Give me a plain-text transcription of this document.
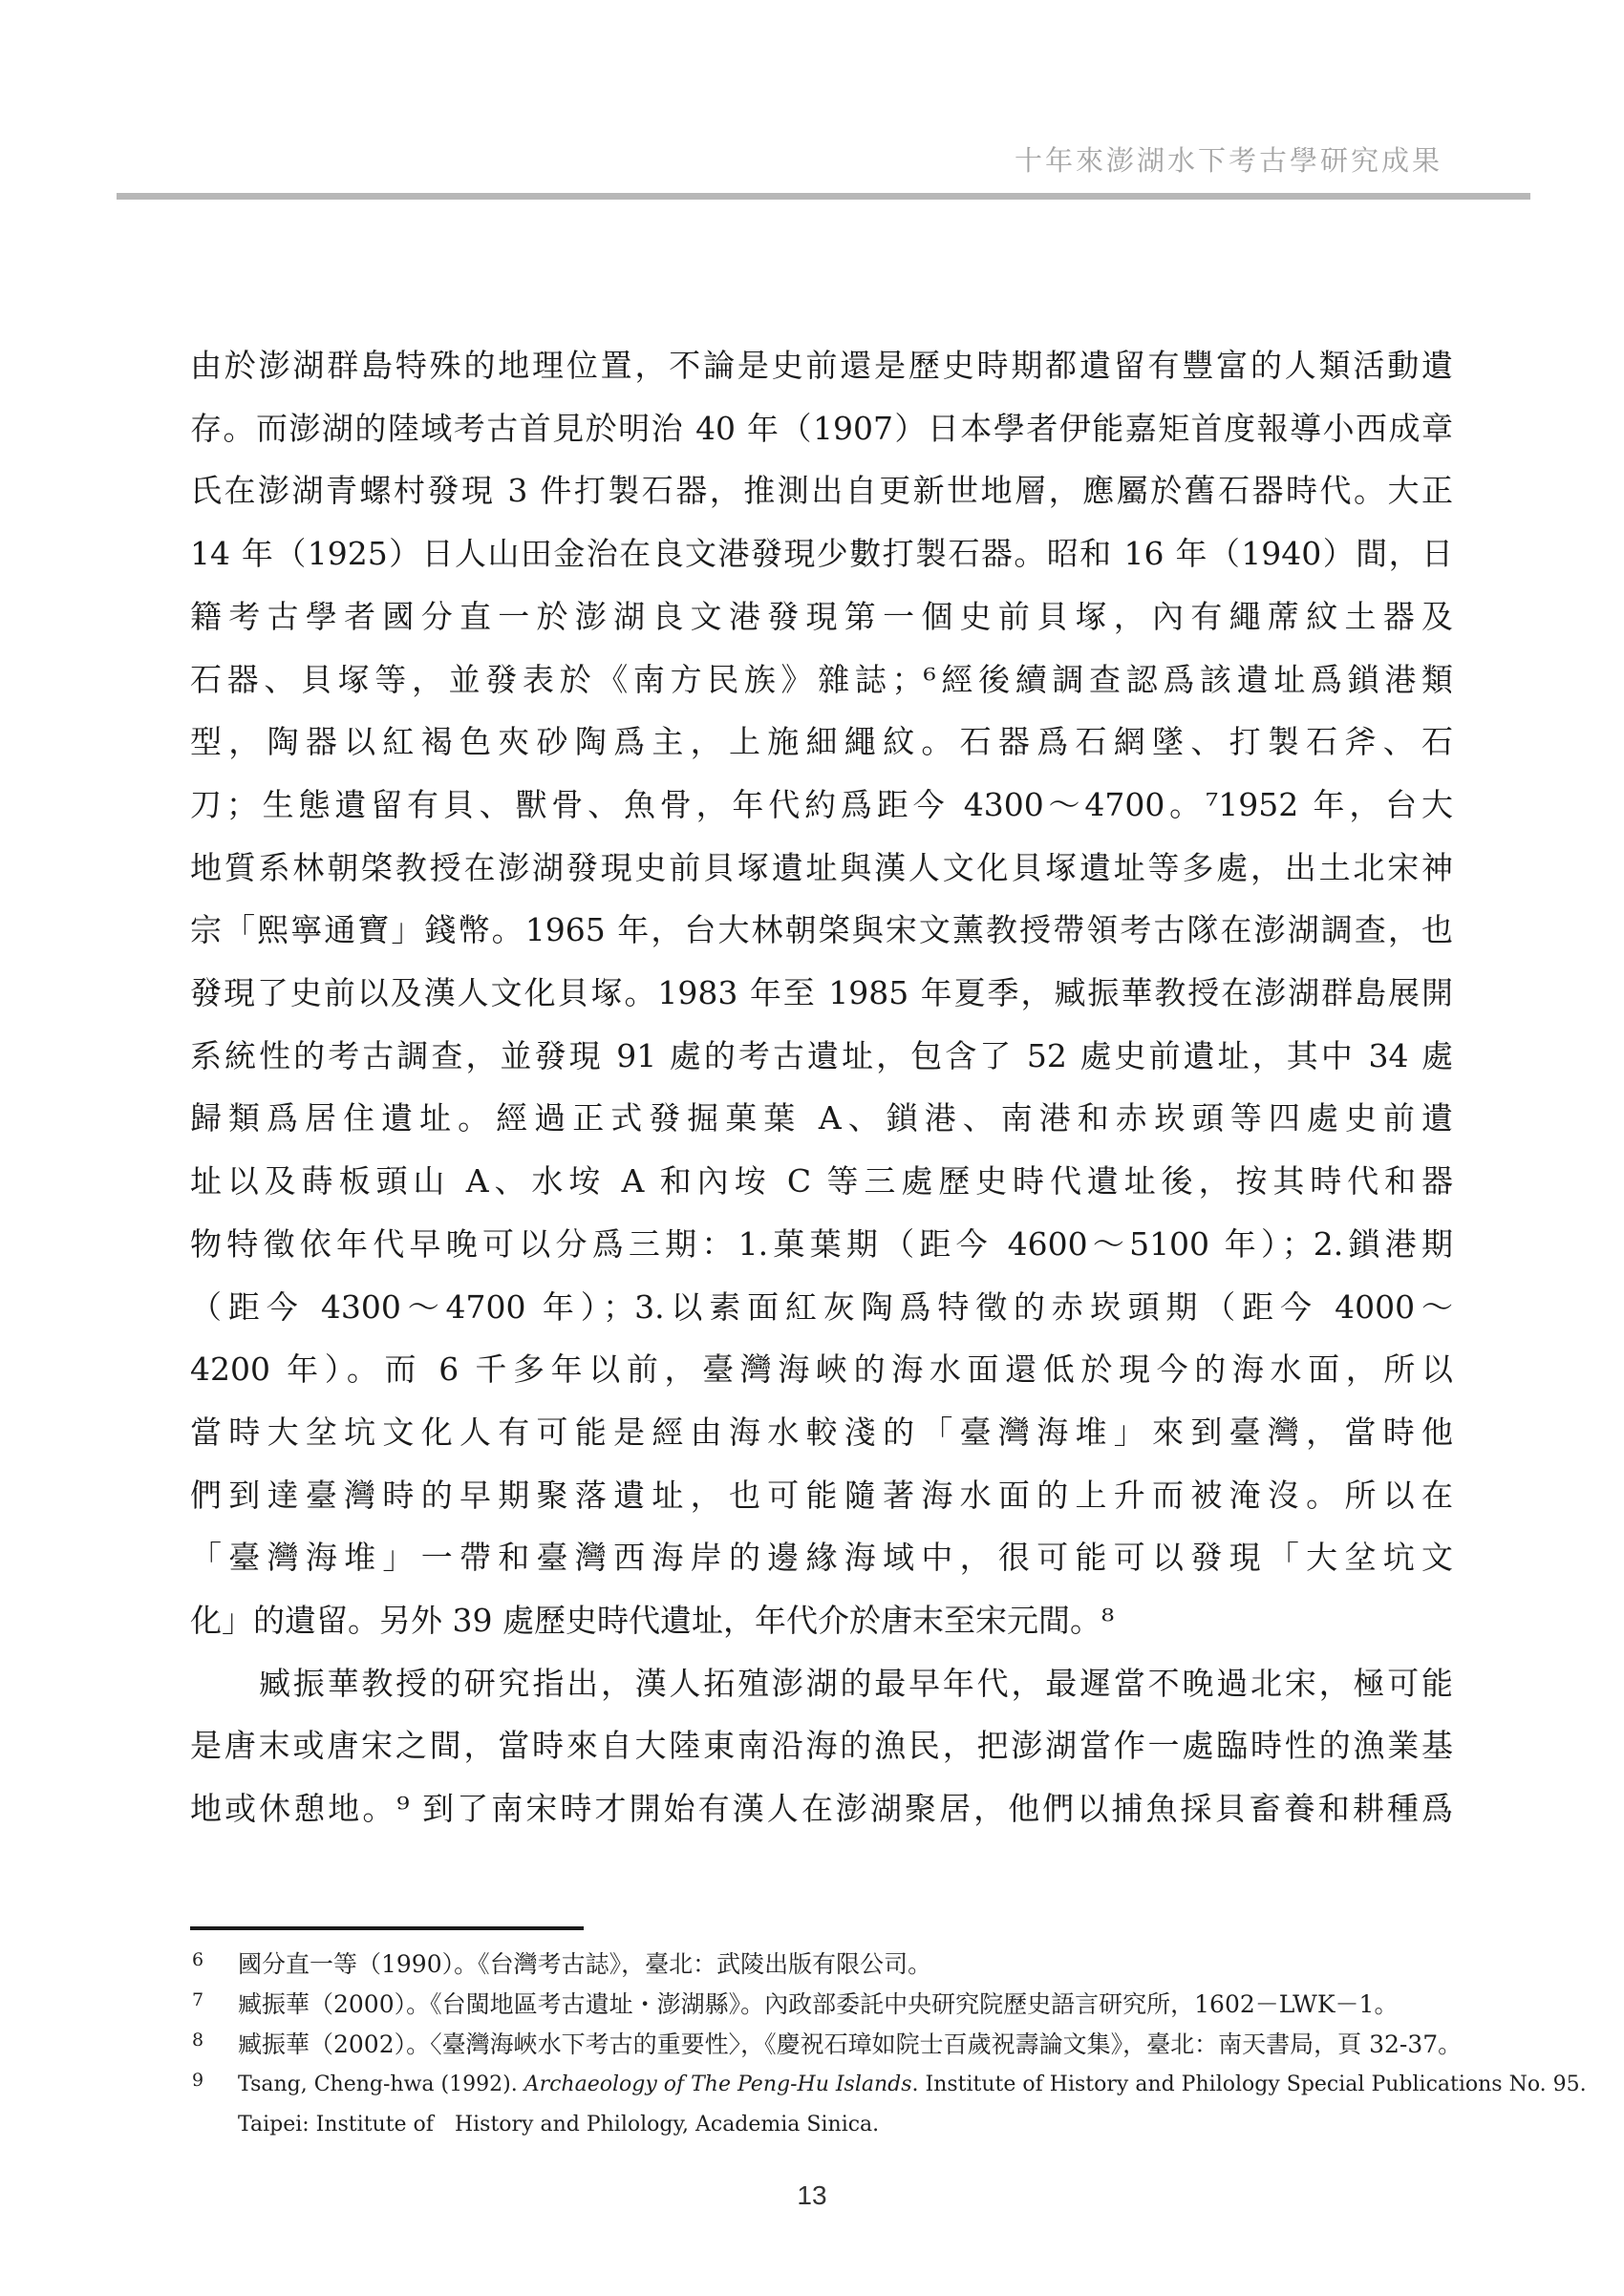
十年來澎湖水下考古學研究成果
由於澎湖群島特殊的地理位置，不論是史前還是歷史時期都遺留有豐富的人類活動遺
存。而澎湖的陸域考古首見於明治 40 年（1907）日本學者伊能嘉矩首度報導小西成章
氏在澎湖青螺村發現 3 件打製石器，推測出自更新世地層，應屬於舊石器時代。大正
14 年（1925）日人山田金治在良文港發現少數打製石器。昭和 16 年（1940）間，日
籍考古學者國分直一於澎湖良文港發現第一個史前貝塚，內有繩蓆紋土器及
石器、貝塚等，並發表於《南方民族》雜誌；⁶經後續調查認爲該遺址爲鎖港類
型，陶器以紅褐色夾砂陶爲主，上施細繩紋。石器爲石網墜、打製石斧、石
刀；生態遺留有貝、獸骨、魚骨，年代約爲距今 4300～4700。⁷1952 年，台大
地質系林朝棨教授在澎湖發現史前貝塚遺址與漢人文化貝塚遺址等多處，出土北宋神
宗「熙寧通寶」錢幣。1965 年，台大林朝棨與宋文薰教授帶領考古隊在澎湖調查，也
發現了史前以及漢人文化貝塚。1983 年至 1985 年夏季，臧振華教授在澎湖群島展開
系統性的考古調查，並發現 91 處的考古遺址，包含了 52 處史前遺址，其中 34 處
歸類爲居住遺址。經過正式發掘菓葉 A、鎖港、南港和赤崁頭等四處史前遺
址以及蒔板頭山 A、水垵 A 和內垵 C 等三處歷史時代遺址後，按其時代和器
物特徵依年代早晚可以分爲三期：1.菓葉期（距今 4600～5100 年）；2.鎖港期
（距今 4300～4700 年）；3.以素面紅灰陶爲特徵的赤崁頭期（距今 4000～
4200 年）。而 6 千多年以前，臺灣海峽的海水面還低於現今的海水面，所以
當時大坌坑文化人有可能是經由海水較淺的「臺灣海堆」來到臺灣，當時他
們到達臺灣時的早期聚落遺址，也可能隨著海水面的上升而被淹沒。所以在
「臺灣海堆」一帶和臺灣西海岸的邊緣海域中，很可能可以發現「大坌坑文
化」的遺留。另外 39 處歷史時代遺址，年代介於唐末至宋元間。⁸
臧振華教授的研究指出，漢人拓殖澎湖的最早年代，最遲當不晚過北宋，極可能
是唐末或唐宋之間，當時來自大陸東南沿海的漁民，把澎湖當作一處臨時性的漁業基
地或休憩地。⁹ 到了南宋時才開始有漢人在澎湖聚居，他們以捕魚採貝畜養和耕種爲
6 國分直一等（1990）。《台灣考古誌》，臺北：武陵出版有限公司。
7 臧振華（2000）。《台閩地區考古遺址・澎湖縣》。內政部委託中央研究院歷史語言研究所，1602－LWK－1。
8 臧振華（2002）。〈臺灣海峽水下考古的重要性〉，《慶祝石璋如院士百歲祝壽論文集》，臺北：南天書局，頁 32-37。
9 Tsang, Cheng-hwa (1992). Archaeology of The Peng-Hu Islands. Institute of History and Philology Special Publications No. 95.
Taipei: Institute of History and Philology, Academia Sinica.
13
